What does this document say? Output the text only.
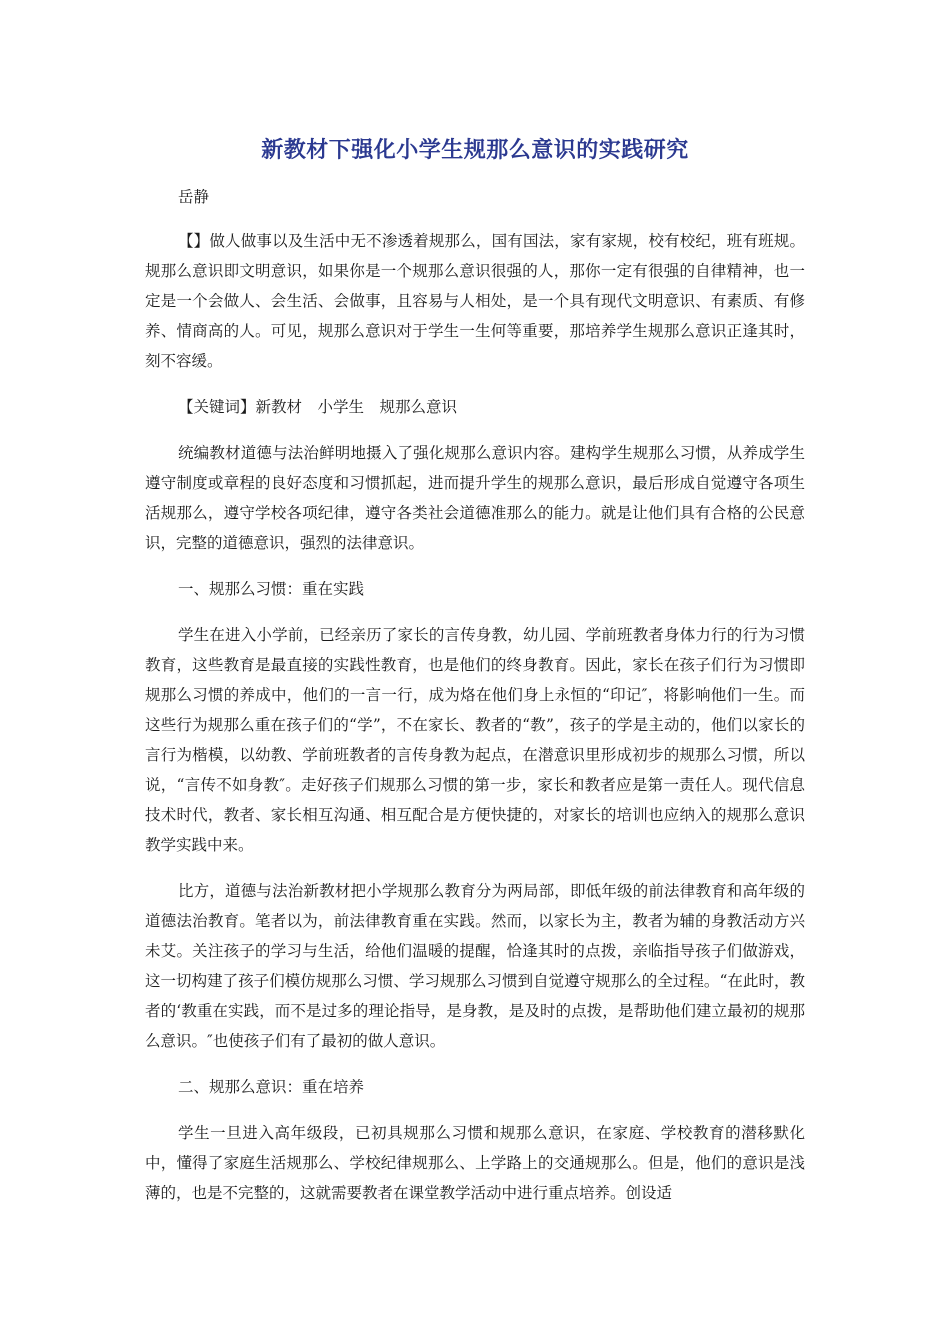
新教材下强化小学生规那么意识的实践研究
岳静

【】做人做事以及生活中无不渗透着规那么，国有国法，家有家规，校有校纪，班有班规。规那么意识即文明意识，如果你是一个规那么意识很强的人，那你一定有很强的自律精神，也一定是一个会做人、会生活、会做事，且容易与人相处，是一个具有现代文明意识、有素质、有修养、情商高的人。可见，规那么意识对于学生一生何等重要，那培养学生规那么意识正逢其时，刻不容缓。

【关键词】新教材　小学生　规那么意识

统编教材道德与法治鲜明地摄入了强化规那么意识内容。建构学生规那么习惯，从养成学生遵守制度或章程的良好态度和习惯抓起，进而提升学生的规那么意识，最后形成自觉遵守各项生活规那么，遵守学校各项纪律，遵守各类社会道德准那么的能力。就是让他们具有合格的公民意识，完整的道德意识，强烈的法律意识。

一、规那么习惯：重在实践

学生在进入小学前，已经亲历了家长的言传身教，幼儿园、学前班教者身体力行的行为习惯教育，这些教育是最直接的实践性教育，也是他们的终身教育。因此，家长在孩子们行为习惯即规那么习惯的养成中，他们的一言一行，成为烙在他们身上永恒的“印记″，将影响他们一生。而这些行为规那么重在孩子们的“学”，不在家长、教者的“教”，孩子的学是主动的，他们以家长的言行为楷模，以幼教、学前班教者的言传身教为起点，在潜意识里形成初步的规那么习惯，所以说，“言传不如身教″。走好孩子们规那么习惯的第一步，家长和教者应是第一责任人。现代信息技术时代，教者、家长相互沟通、相互配合是方便快捷的，对家长的培训也应纳入的规那么意识教学实践中来。

比方，道德与法治新教材把小学规那么教育分为两局部，即低年级的前法律教育和高年级的道德法治教育。笔者以为，前法律教育重在实践。然而，以家长为主，教者为辅的身教活动方兴未艾。关注孩子的学习与生活，给他们温暖的提醒，恰逢其时的点拨，亲临指导孩子们做游戏，这一切构建了孩子们模仿规那么习惯、学习规那么习惯到自觉遵守规那么的全过程。“在此时，教者的‘教重在实践，而不是过多的理论指导，是身教，是及时的点拨，是帮助他们建立最初的规那么意识。″也使孩子们有了最初的做人意识。

二、规那么意识：重在培养

学生一旦进入高年级段，已初具规那么习惯和规那么意识，在家庭、学校教育的潜移默化中，懂得了家庭生活规那么、学校纪律规那么、上学路上的交通规那么。但是，他们的意识是浅薄的，也是不完整的，这就需要教者在课堂教学活动中进行重点培养。创设适
